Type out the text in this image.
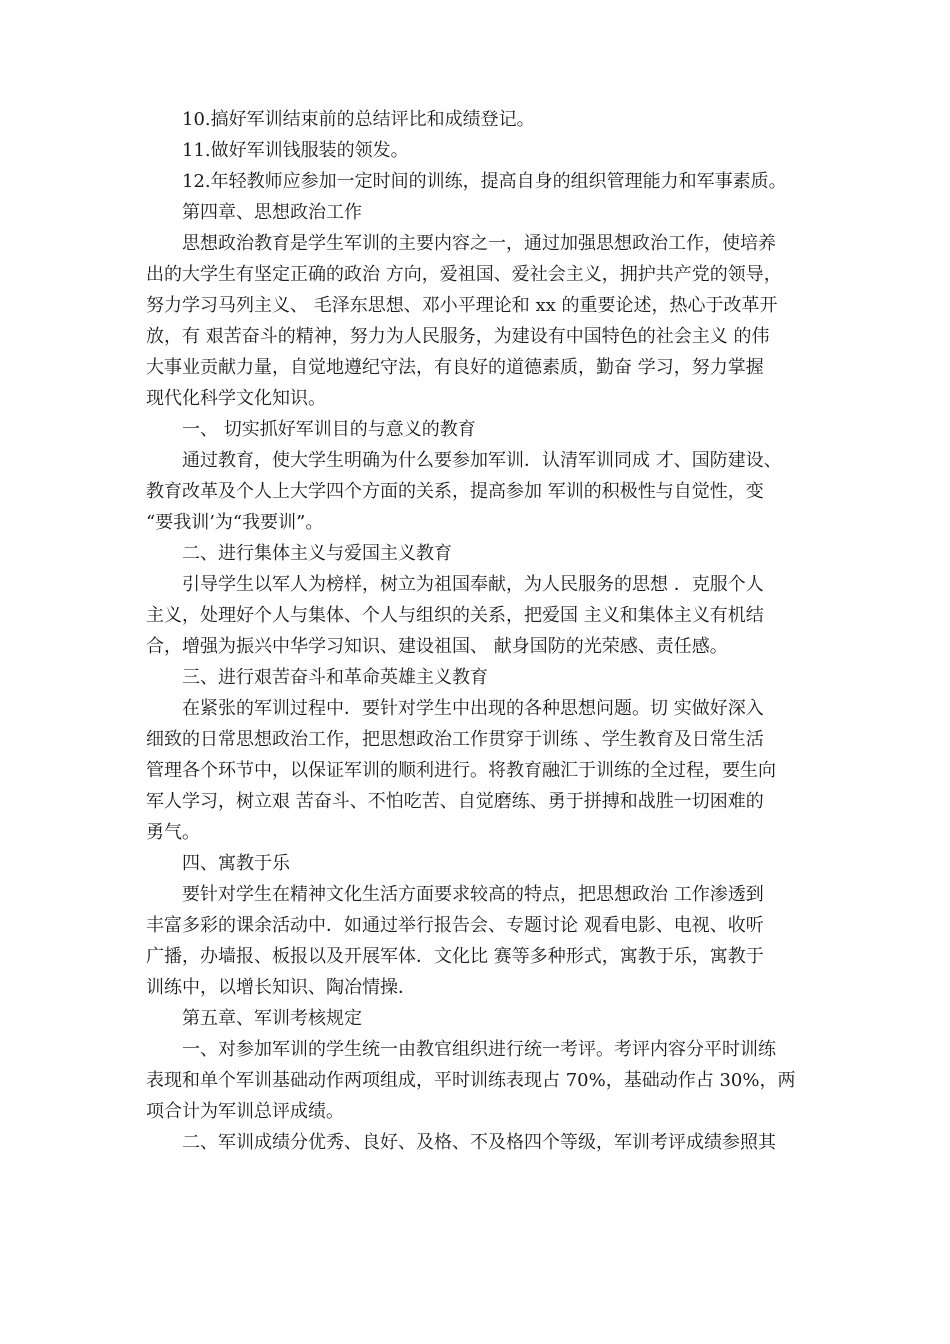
10.搞好军训结束前的总结评比和成绩登记。
11.做好军训钱服装的领发。
12.年轻教师应参加一定时间的训练，提高自身的组织管理能力和军事素质。
第四章、思想政治工作
思想政治教育是学生军训的主要内容之一，通过加强思想政治工作，使培养
出的大学生有坚定正确的政治 方向，爱祖国、爱社会主义，拥护共产党的领导，
努力学习马列主义、 毛泽东思想、邓小平理论和 xx 的重要论述，热心于改革开
放，有 艰苦奋斗的精神，努力为人民服务，为建设有中国特色的社会主义 的伟
大事业贡献力量，自觉地遵纪守法，有良好的道德素质，勤奋 学习，努力掌握
现代化科学文化知识。
一、 切实抓好军训目的与意义的教育
通过教育，使大学生明确为什么要参加军训．认清军训同成 才、国防建设、
教育改革及个人上大学四个方面的关系，提高参加 军训的积极性与自觉性，变
“要我训’为“我要训”。
二、进行集体主义与爱国主义教育
引导学生以军人为榜样，树立为祖国奉献，为人民服务的思想 ．克服个人
主义，处理好个人与集体、个人与组织的关系，把爱国 主义和集体主义有机结
合，增强为振兴中华学习知识、建设祖国、 献身国防的光荣感、责任感。
三、进行艰苦奋斗和革命英雄主义教育
在紧张的军训过程中．要针对学生中出现的各种思想问题。切 实做好深入
细致的日常思想政治工作，把思想政治工作贯穿于训练 、学生教育及日常生活
管理各个环节中，以保证军训的顺利进行。将教育融汇于训练的全过程，要生向
军人学习，树立艰 苦奋斗、不怕吃苦、自觉磨练、勇于拼搏和战胜一切困难的
勇气。
四、寓教于乐
要针对学生在精神文化生活方面要求较高的特点，把思想政治 工作渗透到
丰富多彩的课余活动中．如通过举行报告会、专题讨论 观看电影、电视、收听
广播，办墙报、板报以及开展军体．文化比 赛等多种形式，寓教于乐，寓教于
训练中，以增长知识、陶冶情操．
第五章、军训考核规定
一、对参加军训的学生统一由教官组织进行统一考评。考评内容分平时训练
表现和单个军训基础动作两项组成，平时训练表现占 70%，基础动作占 30%，两
项合计为军训总评成绩。
二、军训成绩分优秀、良好、及格、不及格四个等级，军训考评成绩参照其
